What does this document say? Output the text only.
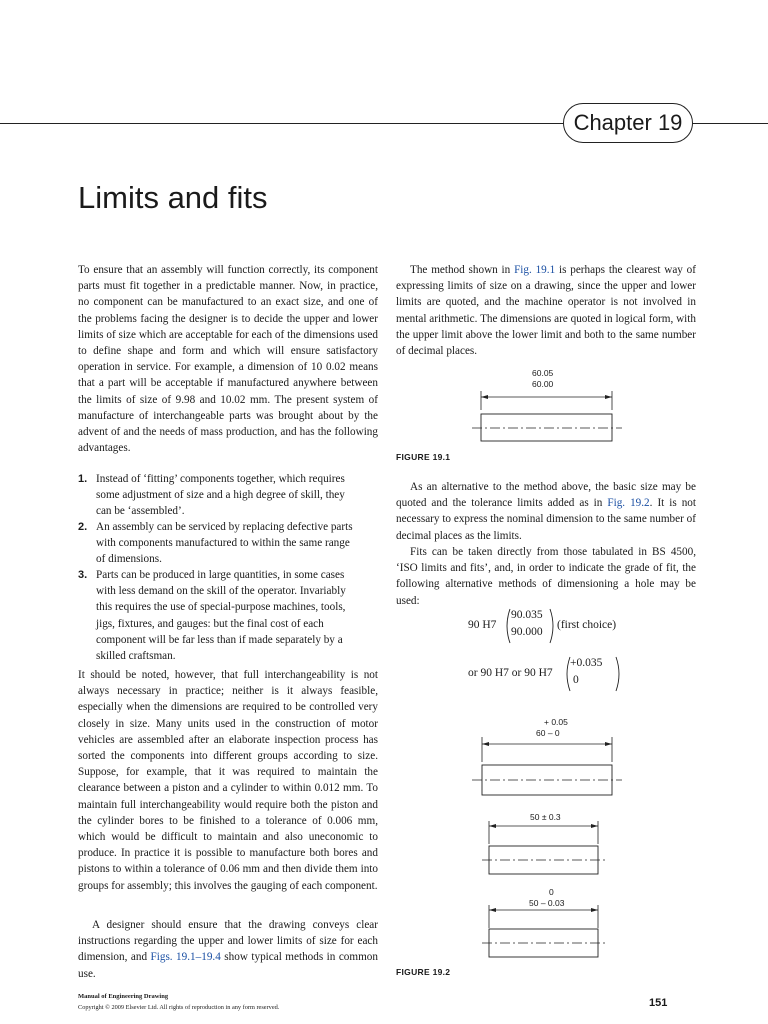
Chapter 19
Limits and fits

To ensure that an assembly will function correctly, its component parts must fit together in a predictable manner. Now, in practice, no component can be manufactured to an exact size, and one of the problems facing the designer is to decide the upper and lower limits of size which are acceptable for each of the dimensions used to define shape and form and which will ensure satisfactory operation in service. For example, a dimension of 10 0.02 means that a part will be acceptable if manufactured anywhere between the limits of size of 9.98 and 10.02 mm. The present system of manufacture of interchangeable parts was brought about by the advent of and the needs of mass production, and has the following advantages.

1. Instead of ‘fitting’ components together, which requires some adjustment of size and a high degree of skill, they can be ‘assembled’.
2. An assembly can be serviced by replacing defective parts with components manufactured to within the same range of dimensions.
3. Parts can be produced in large quantities, in some cases with less demand on the skill of the operator. Invariably this requires the use of special-purpose machines, tools, jigs, fixtures, and gauges: but the final cost of each component will be far less than if made separately by a skilled craftsman.

It should be noted, however, that full interchangeability is not always necessary in practice; neither is it always feasible, especially when the dimensions are required to be controlled very closely in size. Many units used in the construction of motor vehicles are assembled after an elaborate inspection process has sorted the components into different groups according to size. Suppose, for example, that it was required to maintain the clearance between a piston and a cylinder to within 0.012 mm. To maintain full interchangeability would require both the piston and the cylinder bores to be finished to a tolerance of 0.006 mm, which would be difficult to maintain and also uneconomic to produce. In practice it is possible to manufacture both bores and pistons to within a tolerance of 0.06 mm and then divide them into groups for assembly; this involves the gauging of each component.

A designer should ensure that the drawing conveys clear instructions regarding the upper and lower limits of size for each dimension, and Figs. 19.1–19.4 show typical methods in common use.

The method shown in Fig. 19.1 is perhaps the clearest way of expressing limits of size on a drawing, since the upper and lower limits are quoted, and the machine operator is not involved in mental arithmetic. The dimensions are quoted in logical form, with the upper limit above the lower limit and both to the same number of decimal places.

60.05
60.00
FIGURE 19.1

As an alternative to the method above, the basic size may be quoted and the tolerance limits added as in Fig. 19.2. It is not necessary to express the nominal dimension to the same number of decimal places as the limits.

Fits can be taken directly from those tabulated in BS 4500, ‘ISO limits and fits’, and, in order to indicate the grade of fit, the following alternative methods of dimensioning a hole may be used:

90 H7
90.035
90.000
(first choice)
or 90 H7 or 90 H7
+0.035
0
+ 0.05
60 – 0
50 ± 0.3
0
50 – 0.03
FIGURE 19.2
Manual of Engineering Drawing
Copyright © 2009 Elsevier Ltd. All rights of reproduction in any form reserved.	151
